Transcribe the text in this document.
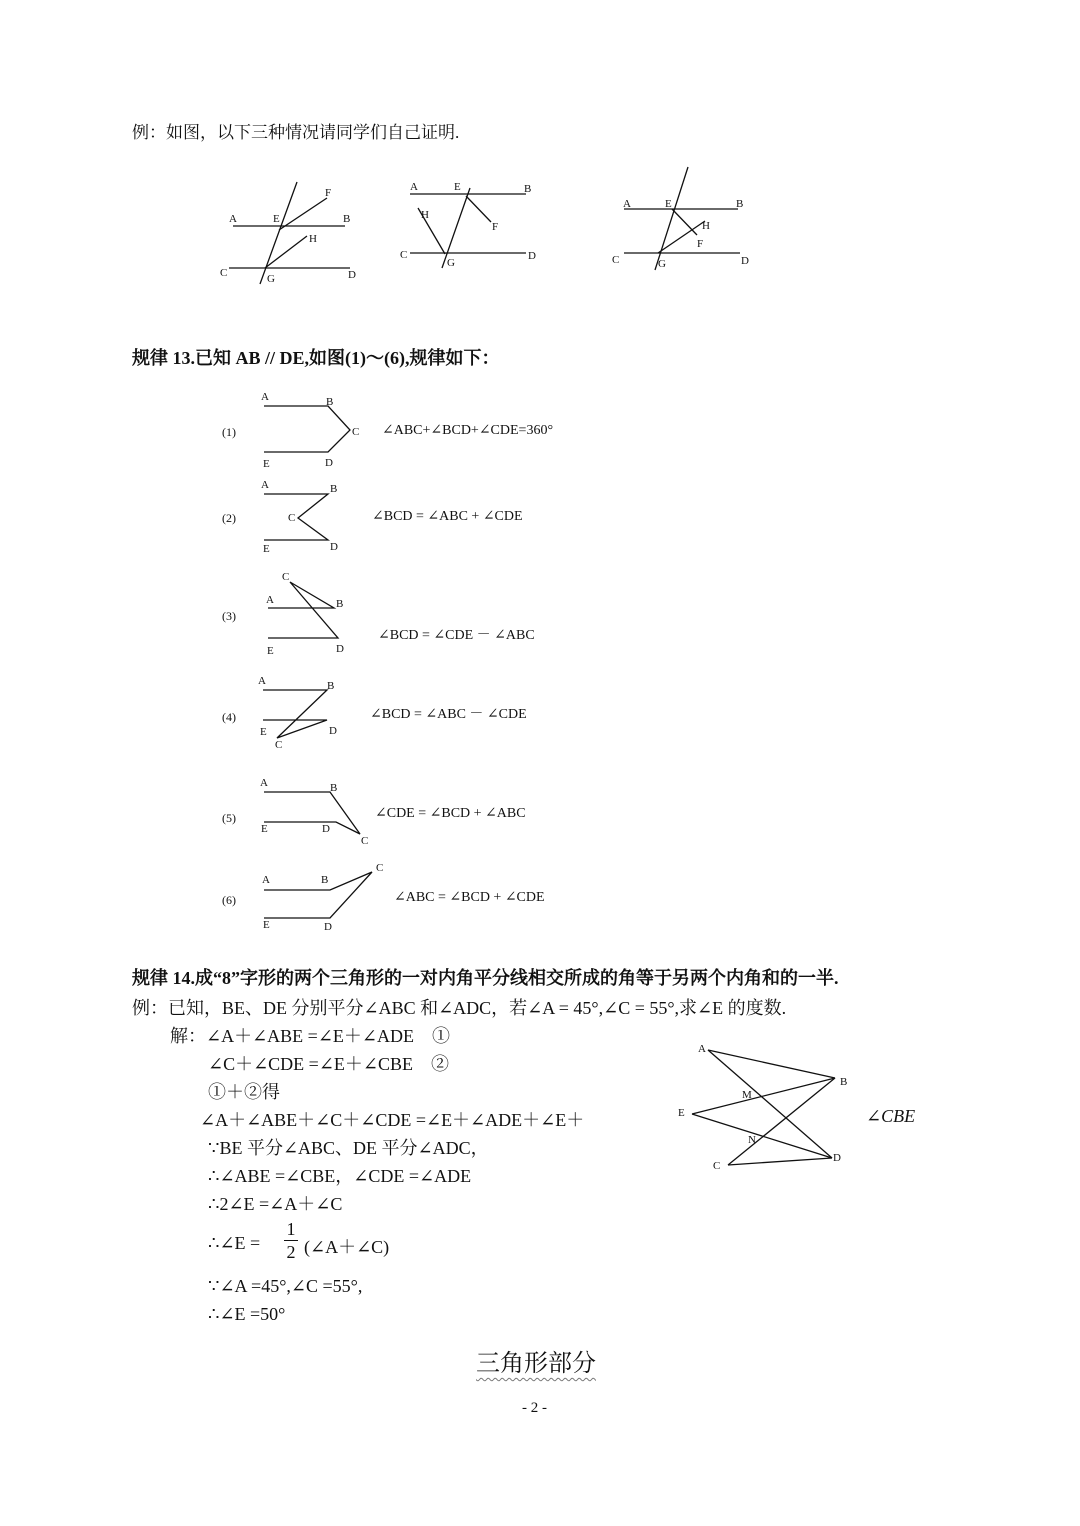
例：如图，以下三种情况请同学们自己证明.
A	E	B
F
H
C	G	D
A	E	B
H
F
C
G
D
A	E	B
H
F
C	G	D
规律 13.已知 AB // DE,如图(1)～(6),规律如下：
(1)
A	B
C
D
E
∠ABC+∠BCD+∠CDE=360°
(2)
A	B
C
D
E
∠BCD = ∠ABC + ∠CDE
(3)
C
A	B
D
E
∠BCD = ∠CDE － ∠ABC
(4)
A	B
E	D
C
∠BCD = ∠ABC － ∠CDE
(5)
A	B
E	D
C
∠CDE = ∠BCD + ∠ABC
(6)
A	B
C
E	D
∠ABC = ∠BCD + ∠CDE
规律 14.成“8”字形的两个三角形的一对内角平分线相交所成的角等于另两个内角和的一半.
例：已知，BE、DE 分别平分∠ABC 和∠ADC，若∠A = 45°,∠C = 55°,求∠E 的度数.
解：∠A＋∠ABE =∠E＋∠ADE　①
∠C＋∠CDE =∠E＋∠CBE　②
①＋②得
∠A＋∠ABE＋∠C＋∠CDE =∠E＋∠ADE＋∠E＋	∠CBE
∵BE 平分∠ABC、DE 平分∠ADC，
∴∠ABE =∠CBE，∠CDE =∠ADE
∴2∠E =∠A＋∠C
∴∠E =
1
2 (∠A＋∠C)
∵∠A =45°,∠C =55°,
∴∠E =50°
A
B
E
M
N
C
D
三角形部分
- 2 -
